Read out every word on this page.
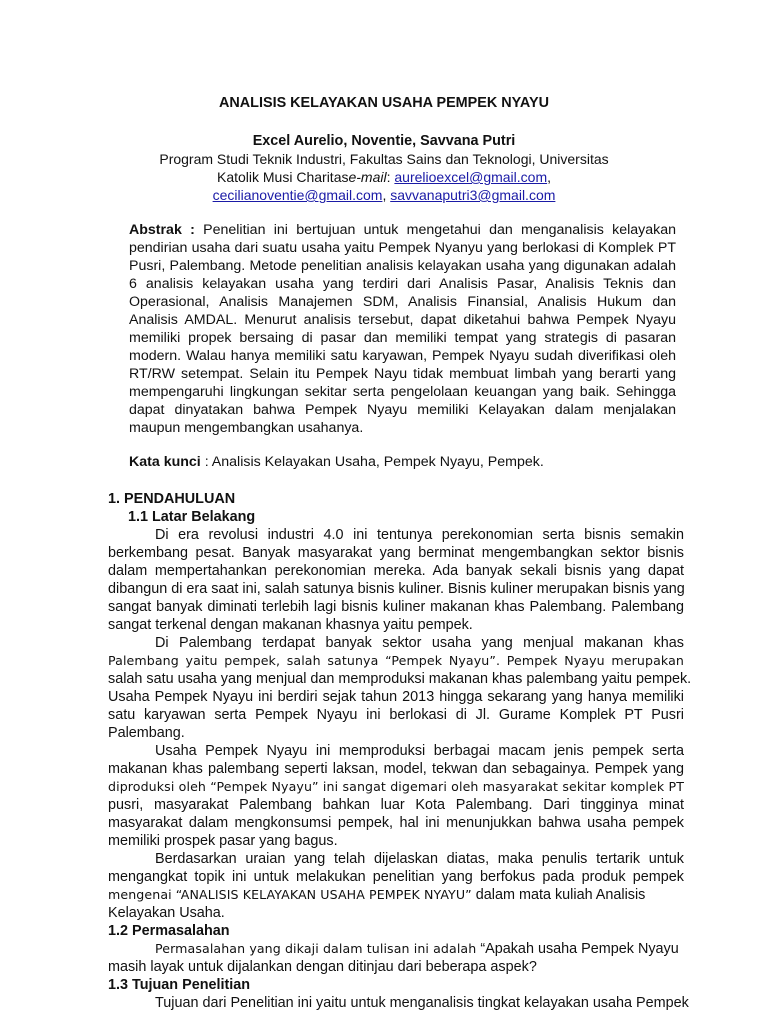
ANALISIS KELAYAKAN USAHA PEMPEK NYAYU
Excel Aurelio, Noventie, Savvana Putri
Program Studi Teknik Industri, Fakultas Sains dan Teknologi, Universitas
Katolik Musi Charitase-mail: aurelioexcel@gmail.com,
cecilianoventie@gmail.com, savvanaputri3@gmail.com
Abstrak : Penelitian ini bertujuan untuk mengetahui dan menganalisis kelayakan
pendirian usaha dari suatu usaha yaitu Pempek Nyanyu yang berlokasi di Komplek PT
Pusri, Palembang. Metode penelitian analisis kelayakan usaha yang digunakan adalah
6 analisis kelayakan usaha yang terdiri dari Analisis Pasar, Analisis Teknis dan
Operasional, Analisis Manajemen SDM, Analisis Finansial, Analisis Hukum dan
Analisis AMDAL. Menurut analisis tersebut, dapat diketahui bahwa Pempek Nyayu
memiliki propek bersaing di pasar dan memiliki tempat yang strategis di pasaran
modern. Walau hanya memiliki satu karyawan, Pempek Nyayu sudah diverifikasi oleh
RT/RW setempat. Selain itu Pempek Nayu tidak membuat limbah yang berarti yang
mempengaruhi lingkungan sekitar serta pengelolaan keuangan yang baik. Sehingga
dapat dinyatakan bahwa Pempek Nyayu memiliki Kelayakan dalam menjalakan
maupun mengembangkan usahanya.
Kata kunci : Analisis Kelayakan Usaha, Pempek Nyayu, Pempek.
1. PENDAHULUAN
1.1 Latar Belakang
Di era revolusi industri 4.0 ini tentunya perekonomian serta bisnis semakin
berkembang pesat. Banyak masyarakat yang berminat mengembangkan sektor bisnis
dalam mempertahankan perekonomian mereka. Ada banyak sekali bisnis yang dapat
dibangun di era saat ini, salah satunya bisnis kuliner. Bisnis kuliner merupakan bisnis yang
sangat banyak diminati terlebih lagi bisnis kuliner makanan khas Palembang. Palembang
sangat terkenal dengan makanan khasnya yaitu pempek.
Di Palembang terdapat banyak sektor usaha yang menjual makanan khas
Palembang yaitu pempek, salah satunya “Pempek Nyayu”. Pempek Nyayu merupakan
salah satu usaha yang menjual dan memproduksi makanan khas palembang yaitu pempek.
Usaha Pempek Nyayu ini berdiri sejak tahun 2013 hingga sekarang yang hanya memiliki
satu karyawan serta Pempek Nyayu ini berlokasi di Jl. Gurame Komplek PT Pusri
Palembang.
Usaha Pempek Nyayu ini memproduksi berbagai macam jenis pempek serta
makanan khas palembang seperti laksan, model, tekwan dan sebagainya. Pempek yang
diproduksi oleh “Pempek Nyayu” ini sangat digemari oleh masyarakat sekitar komplek PT
pusri, masyarakat Palembang bahkan luar Kota Palembang. Dari tingginya minat
masyarakat dalam mengkonsumsi pempek, hal ini menunjukkan bahwa usaha pempek
memiliki prospek pasar yang bagus.
Berdasarkan uraian yang telah dijelaskan diatas, maka penulis tertarik untuk
mengangkat topik ini untuk melakukan penelitian yang berfokus pada produk pempek
mengenai “ANALISIS KELAYAKAN USAHA PEMPEK NYAYU” dalam mata kuliah Analisis
Kelayakan Usaha.
1.2 Permasalahan
Permasalahan yang dikaji dalam tulisan ini adalah “Apakah usaha Pempek Nyayu
masih layak untuk dijalankan dengan ditinjau dari beberapa aspek?
1.3 Tujuan Penelitian
Tujuan dari Penelitian ini yaitu untuk menganalisis tingkat kelayakan usaha Pempek
